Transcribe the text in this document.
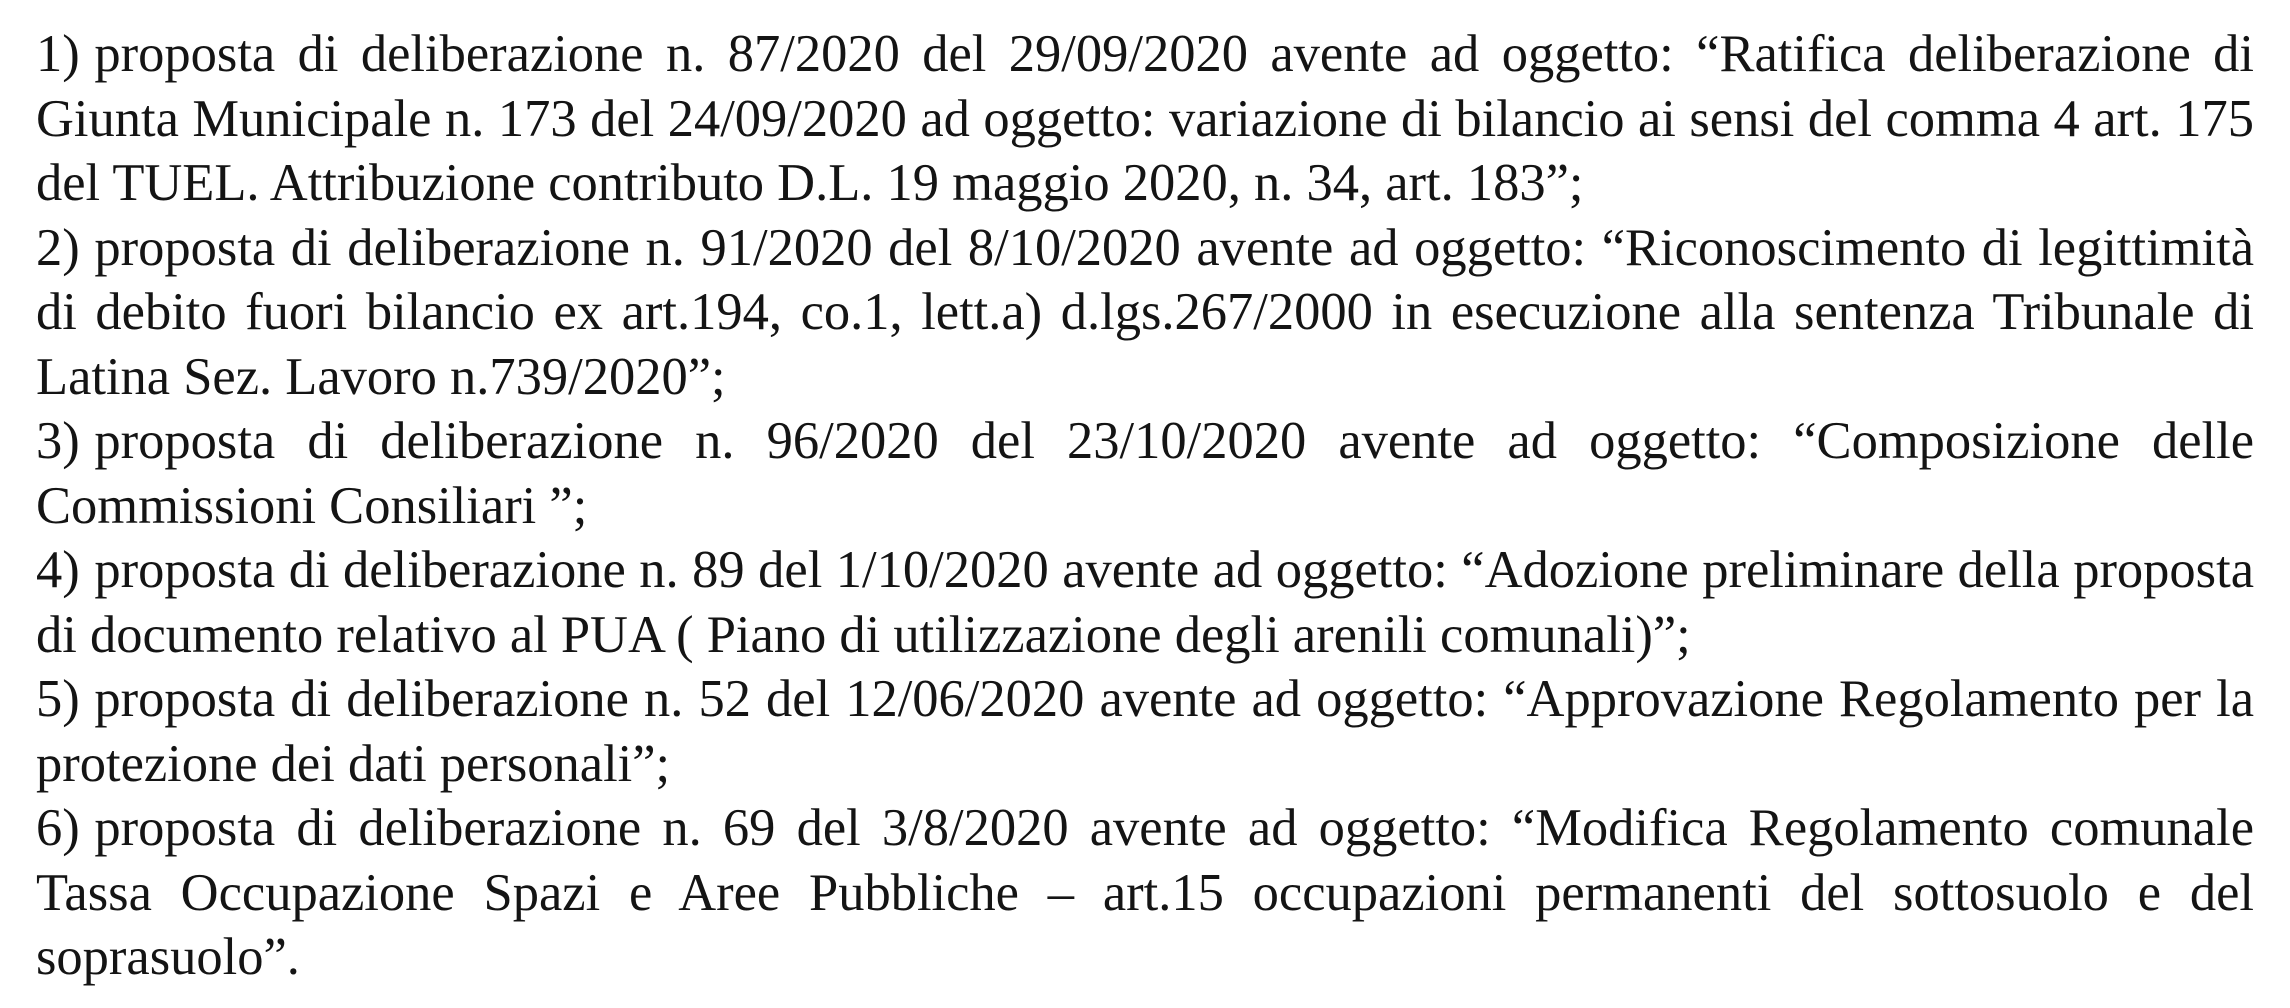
1) proposta di deliberazione n. 87/2020 del 29/09/2020 avente ad oggetto: “Ratifica deliberazione di Giunta Municipale n. 173 del 24/09/2020 ad oggetto: variazione di bilancio ai sensi del comma 4 art. 175 del TUEL. Attribuzione contributo D.L. 19 maggio 2020, n. 34, art. 183”;

2) proposta di deliberazione n. 91/2020 del 8/10/2020 avente ad oggetto: “Riconoscimento di legittimità di debito fuori bilancio ex art.194, co.1, lett.a) d.lgs.267/2000 in esecuzione alla sentenza Tribunale di Latina Sez. Lavoro n.739/2020”;

3) proposta di deliberazione n. 96/2020 del 23/10/2020 avente ad oggetto: “Composizione delle Commissioni Consiliari ”;

4) proposta di deliberazione n. 89 del 1/10/2020 avente ad oggetto: “Adozione preliminare della proposta di documento relativo al PUA ( Piano di utilizzazione degli arenili comunali)”;

5) proposta di deliberazione n. 52 del 12/06/2020 avente ad oggetto: “Approvazione Regolamento per la protezione dei dati personali”;

6) proposta di deliberazione n. 69 del 3/8/2020 avente ad oggetto: “Modifica Regolamento comunale Tassa Occupazione Spazi e Aree Pubbliche – art.15 occupazioni permanenti del sottosuolo e del soprasuolo”.
